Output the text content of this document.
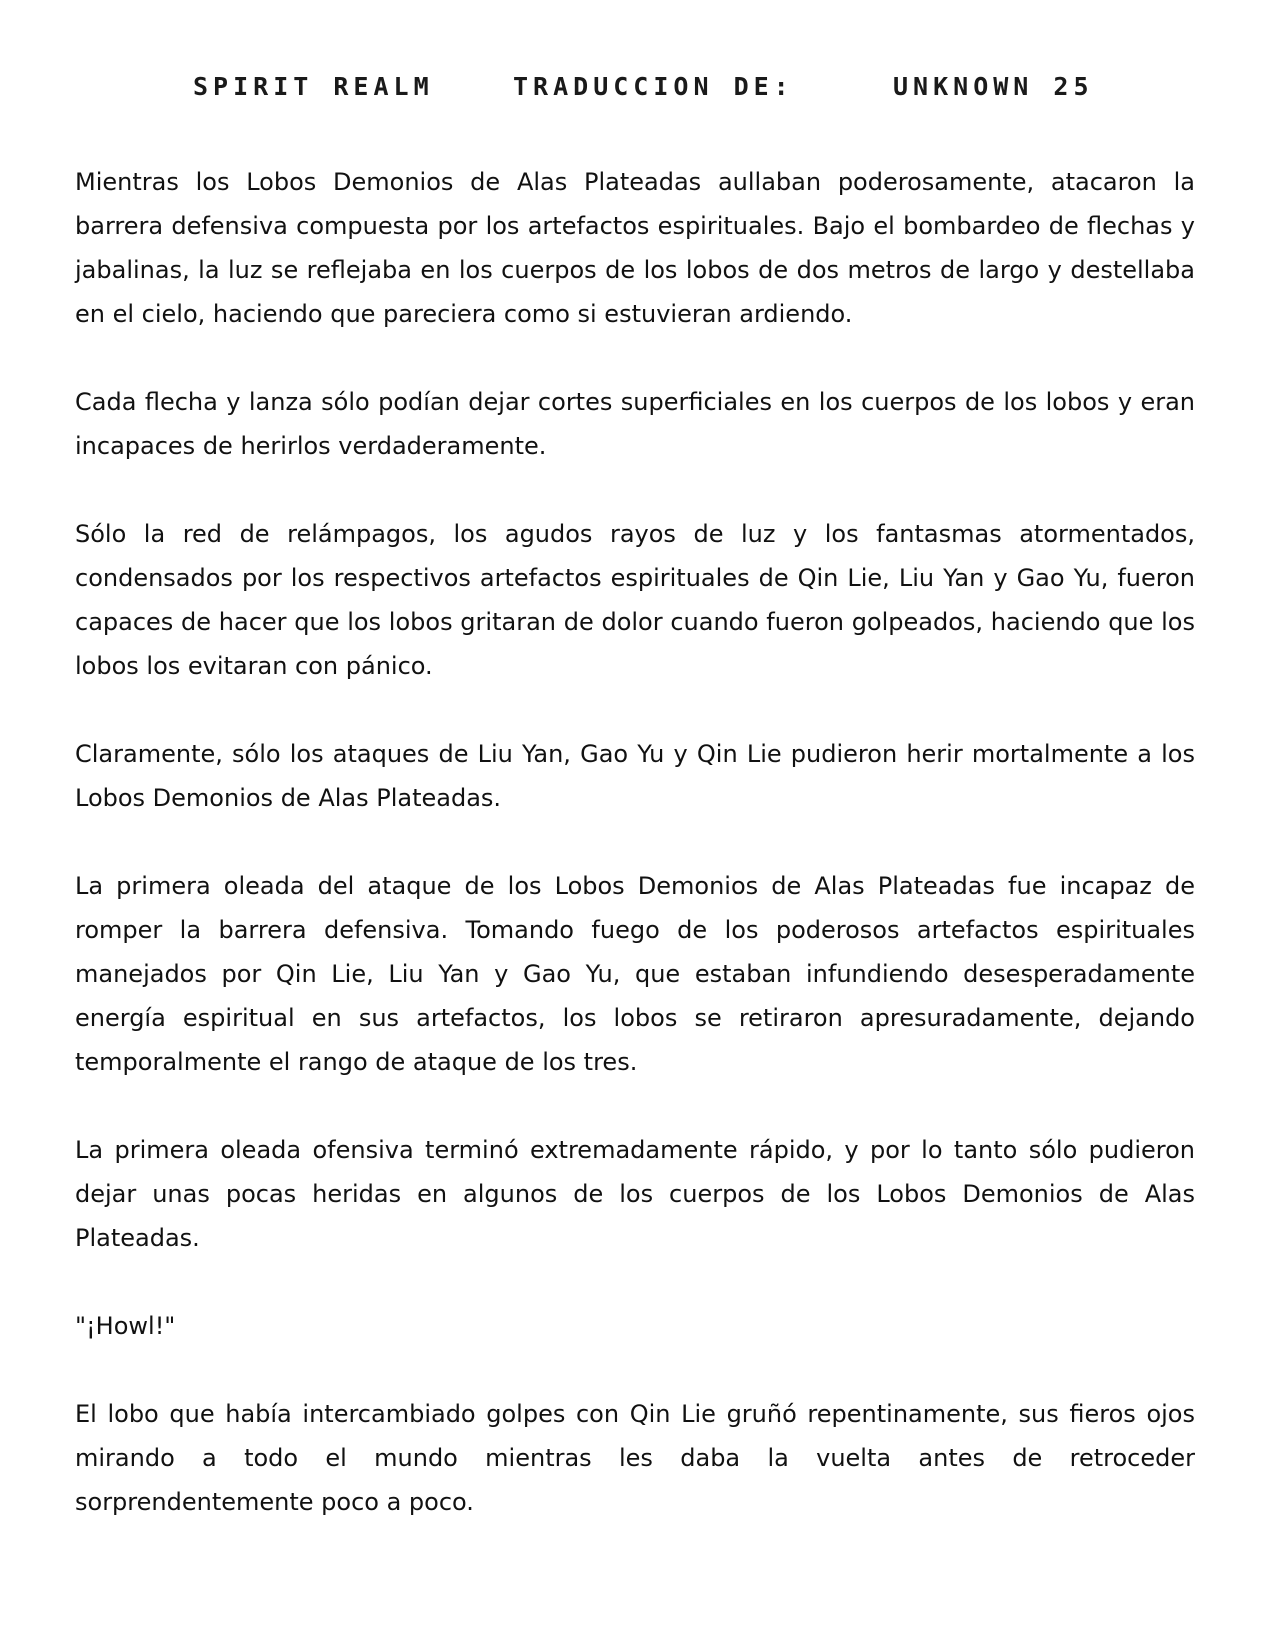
SPIRIT REALM	TRADUCCION DE:	UNKNOWN 25

Mientras los Lobos Demonios de Alas Plateadas aullaban poderosamente, atacaron la barrera defensiva compuesta por los artefactos espirituales. Bajo el bombardeo de flechas y jabalinas, la luz se reflejaba en los cuerpos de los lobos de dos metros de largo y destellaba en el cielo, haciendo que pareciera como si estuvieran ardiendo.

Cada flecha y lanza sólo podían dejar cortes superficiales en los cuerpos de los lobos y eran incapaces de herirlos verdaderamente.

Sólo la red de relámpagos, los agudos rayos de luz y los fantasmas atormentados, condensados por los respectivos artefactos espirituales de Qin Lie, Liu Yan y Gao Yu, fueron capaces de hacer que los lobos gritaran de dolor cuando fueron golpeados, haciendo que los lobos los evitaran con pánico.

Claramente, sólo los ataques de Liu Yan, Gao Yu y Qin Lie pudieron herir mortalmente a los Lobos Demonios de Alas Plateadas.

La primera oleada del ataque de los Lobos Demonios de Alas Plateadas fue incapaz de romper la barrera defensiva. Tomando fuego de los poderosos artefactos espirituales manejados por Qin Lie, Liu Yan y Gao Yu, que estaban infundiendo desesperadamente energía espiritual en sus artefactos, los lobos se retiraron apresuradamente, dejando temporalmente el rango de ataque de los tres.

La primera oleada ofensiva terminó extremadamente rápido, y por lo tanto sólo pudieron dejar unas pocas heridas en algunos de los cuerpos de los Lobos Demonios de Alas Plateadas.

"¡Howl!"

El lobo que había intercambiado golpes con Qin Lie gruñó repentinamente, sus fieros ojos mirando a todo el mundo mientras les daba la vuelta antes de retroceder sorprendentemente poco a poco.
